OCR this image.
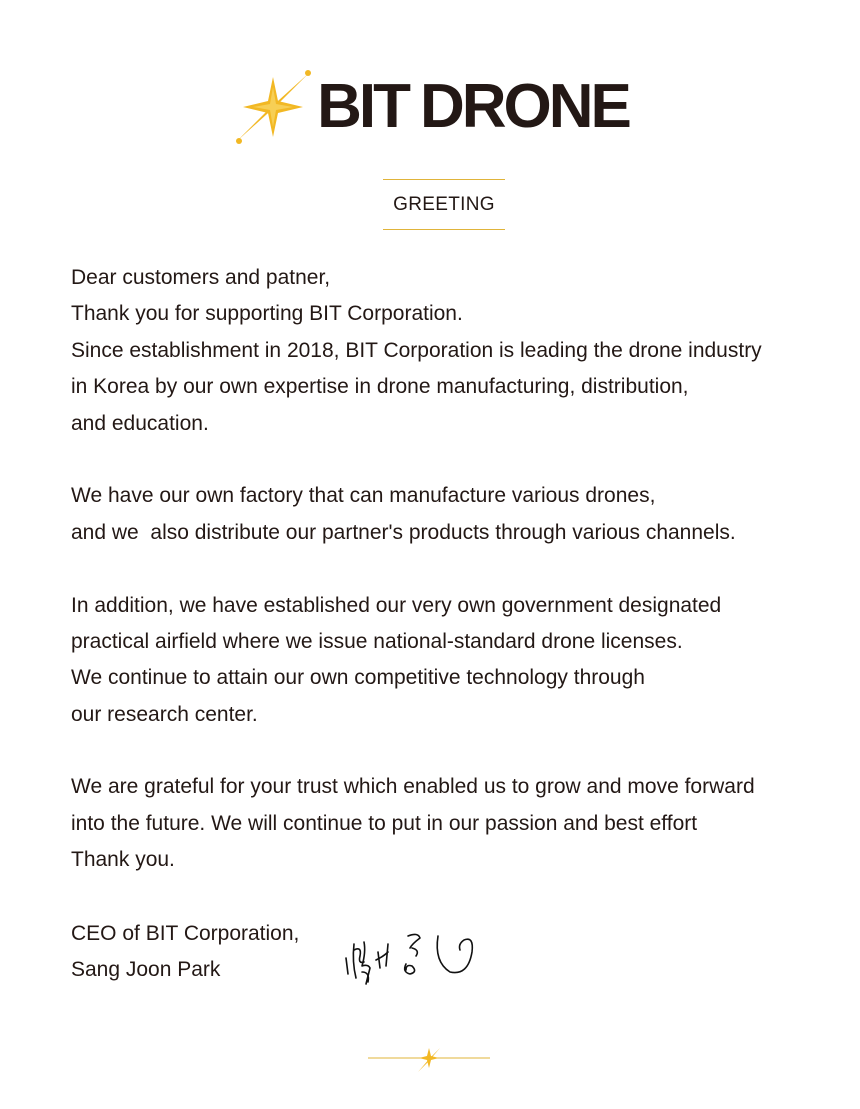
BIT DRONE
GREETING
Dear customers and patner,
Thank you for supporting BIT Corporation.
Since establishment in 2018, BIT Corporation is leading the drone industry
in Korea by our own expertise in drone manufacturing, distribution,
and education.
We have our own factory that can manufacture various drones,
and we  also distribute our partner's products through various channels.
In addition, we have established our very own government designated
practical airfield where we issue national-standard drone licenses.
We continue to attain our own competitive technology through
our research center.
We are grateful for your trust which enabled us to grow and move forward
into the future. We will continue to put in our passion and best effort
Thank you.
CEO of BIT Corporation,
Sang Joon Park
